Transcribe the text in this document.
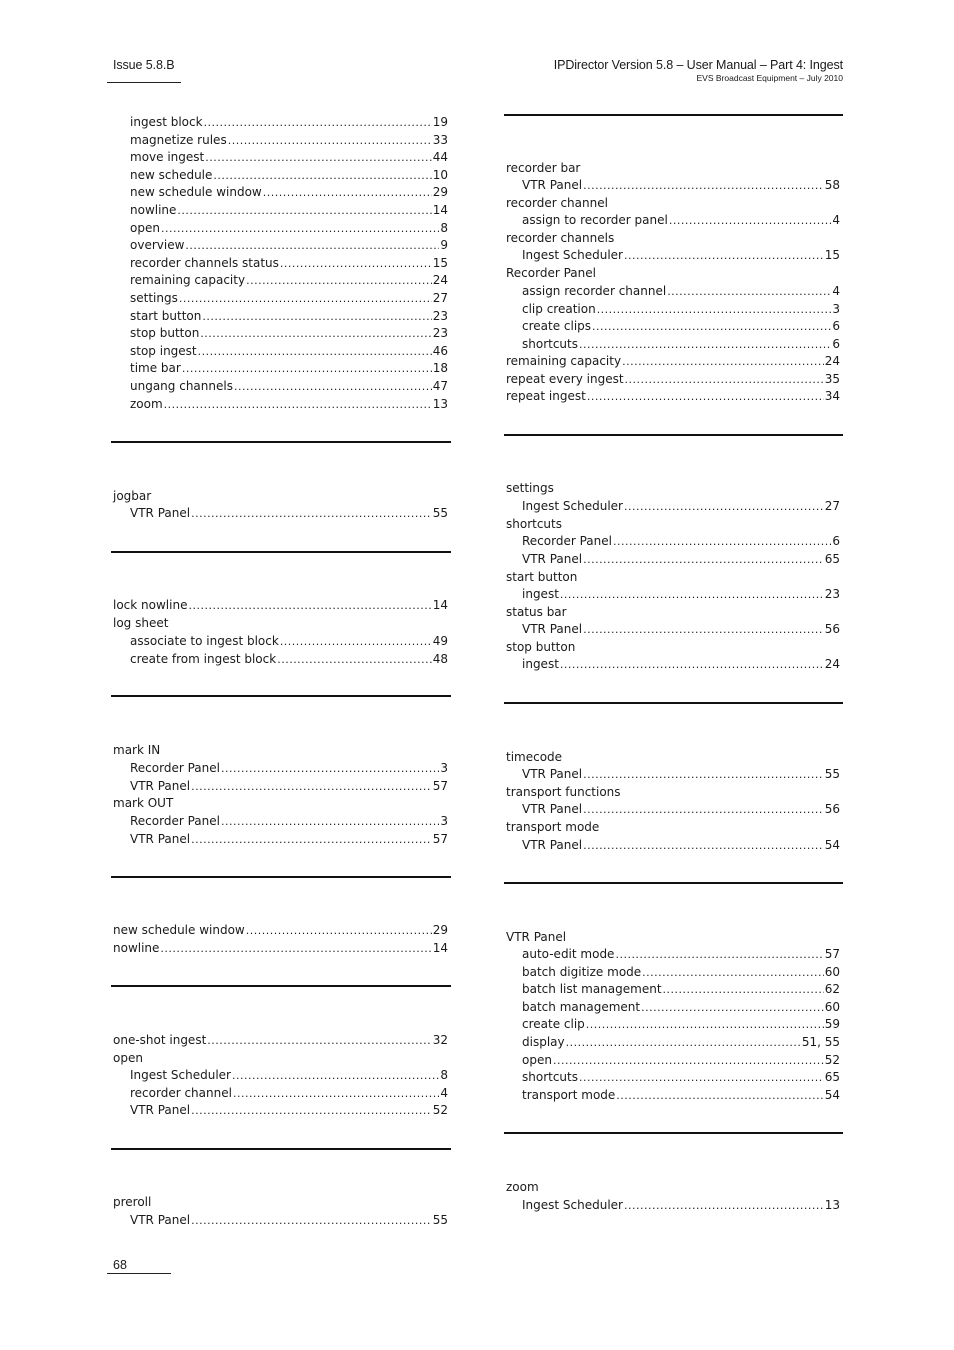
Issue 5.8.B	IPDirector Version 5.8 – User Manual – Part 4: Ingest
EVS Broadcast Equipment – July 2010
ingest block .....	19
magnetize rules .....	33
move ingest .....	44
new schedule .....	10
new schedule window .....	29
nowline .....	14
open .....	8
overview .....	9
recorder channels status .....	15
remaining capacity .....	24
settings .....	27
start button .....	23
stop button .....	23
stop ingest .....	46
time bar .....	18
ungang channels .....	47
zoom .....	13
jogbar
VTR Panel .....	55
lock nowline .....	14
log sheet
associate to ingest block .....	49
create from ingest block .....	48
mark IN
Recorder Panel .....	3
VTR Panel .....	57
mark OUT
Recorder Panel .....	3
VTR Panel .....	57
new schedule window .....	29
nowline .....	14
one-shot ingest .....	32
open
Ingest Scheduler .....	8
recorder channel .....	4
VTR Panel .....	52
preroll
VTR Panel .....	55
recorder bar
VTR Panel .....	58
recorder channel
assign to recorder panel .....	4
recorder channels
Ingest Scheduler .....	15
Recorder Panel
assign recorder channel .....	4
clip creation .....	3
create clips .....	6
shortcuts .....	6
remaining capacity .....	24
repeat every ingest .....	35
repeat ingest .....	34
settings
Ingest Scheduler .....	27
shortcuts
Recorder Panel .....	6
VTR Panel .....	65
start button
ingest .....	23
status bar
VTR Panel .....	56
stop button
ingest .....	24
timecode
VTR Panel .....	55
transport functions
VTR Panel .....	56
transport mode
VTR Panel .....	54
VTR Panel
auto-edit mode .....	57
batch digitize mode .....	60
batch list management .....	62
batch management .....	60
create clip .....	59
display .....	51, 55
open .....	52
shortcuts .....	65
transport mode .....	54
zoom
Ingest Scheduler .....	13
68
